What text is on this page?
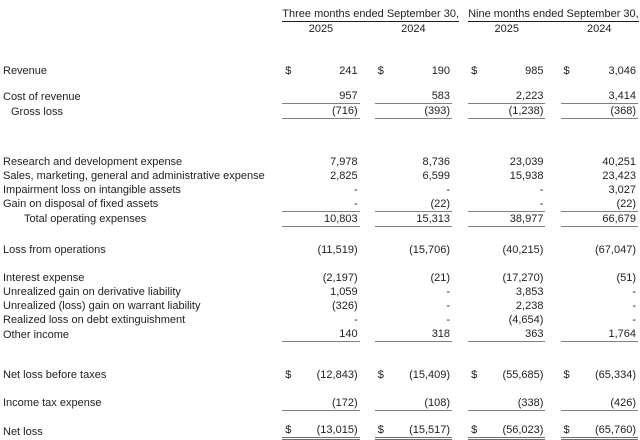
	Three months ended September 30,						Nine months ended September 30,				
	2025			2024			2025			2024	

Revenue	$	241		$	190		$	985		$	3,046

Cost of revenue		957			583			2,223			3,414
Gross loss		(716)			(393)			(1,238)			(368)

Research and development expense		7,978			8,736			23,039			40,251
Sales, marketing, general and administrative expense		2,825			6,599			15,938			23,423
Impairment loss on intangible assets		-			-			-			3,027
Gain on disposal of fixed assets		-			(22)			-			(22)
Total operating expenses		10,803			15,313			38,977			66,679

Loss from operations		(11,519)			(15,706)			(40,215)			(67,047)

Interest expense		(2,197)			(21)			(17,270)			(51)
Unrealized gain on derivative liability		1,059			-			3,853			-
Unrealized (loss) gain on warrant liability		(326)			-			2,238			-
Realized loss on debt extinguishment		-			-			(4,654)			-
Other income		140			318			363			1,764

Net loss before taxes	$	(12,843)		$	(15,409)		$	(55,685)		$	(65,334)

Income tax expense		(172)			(108)			(338)			(426)

Net loss	$	(13,015)		$	(15,517)		$	(56,023)		$	(65,760)
